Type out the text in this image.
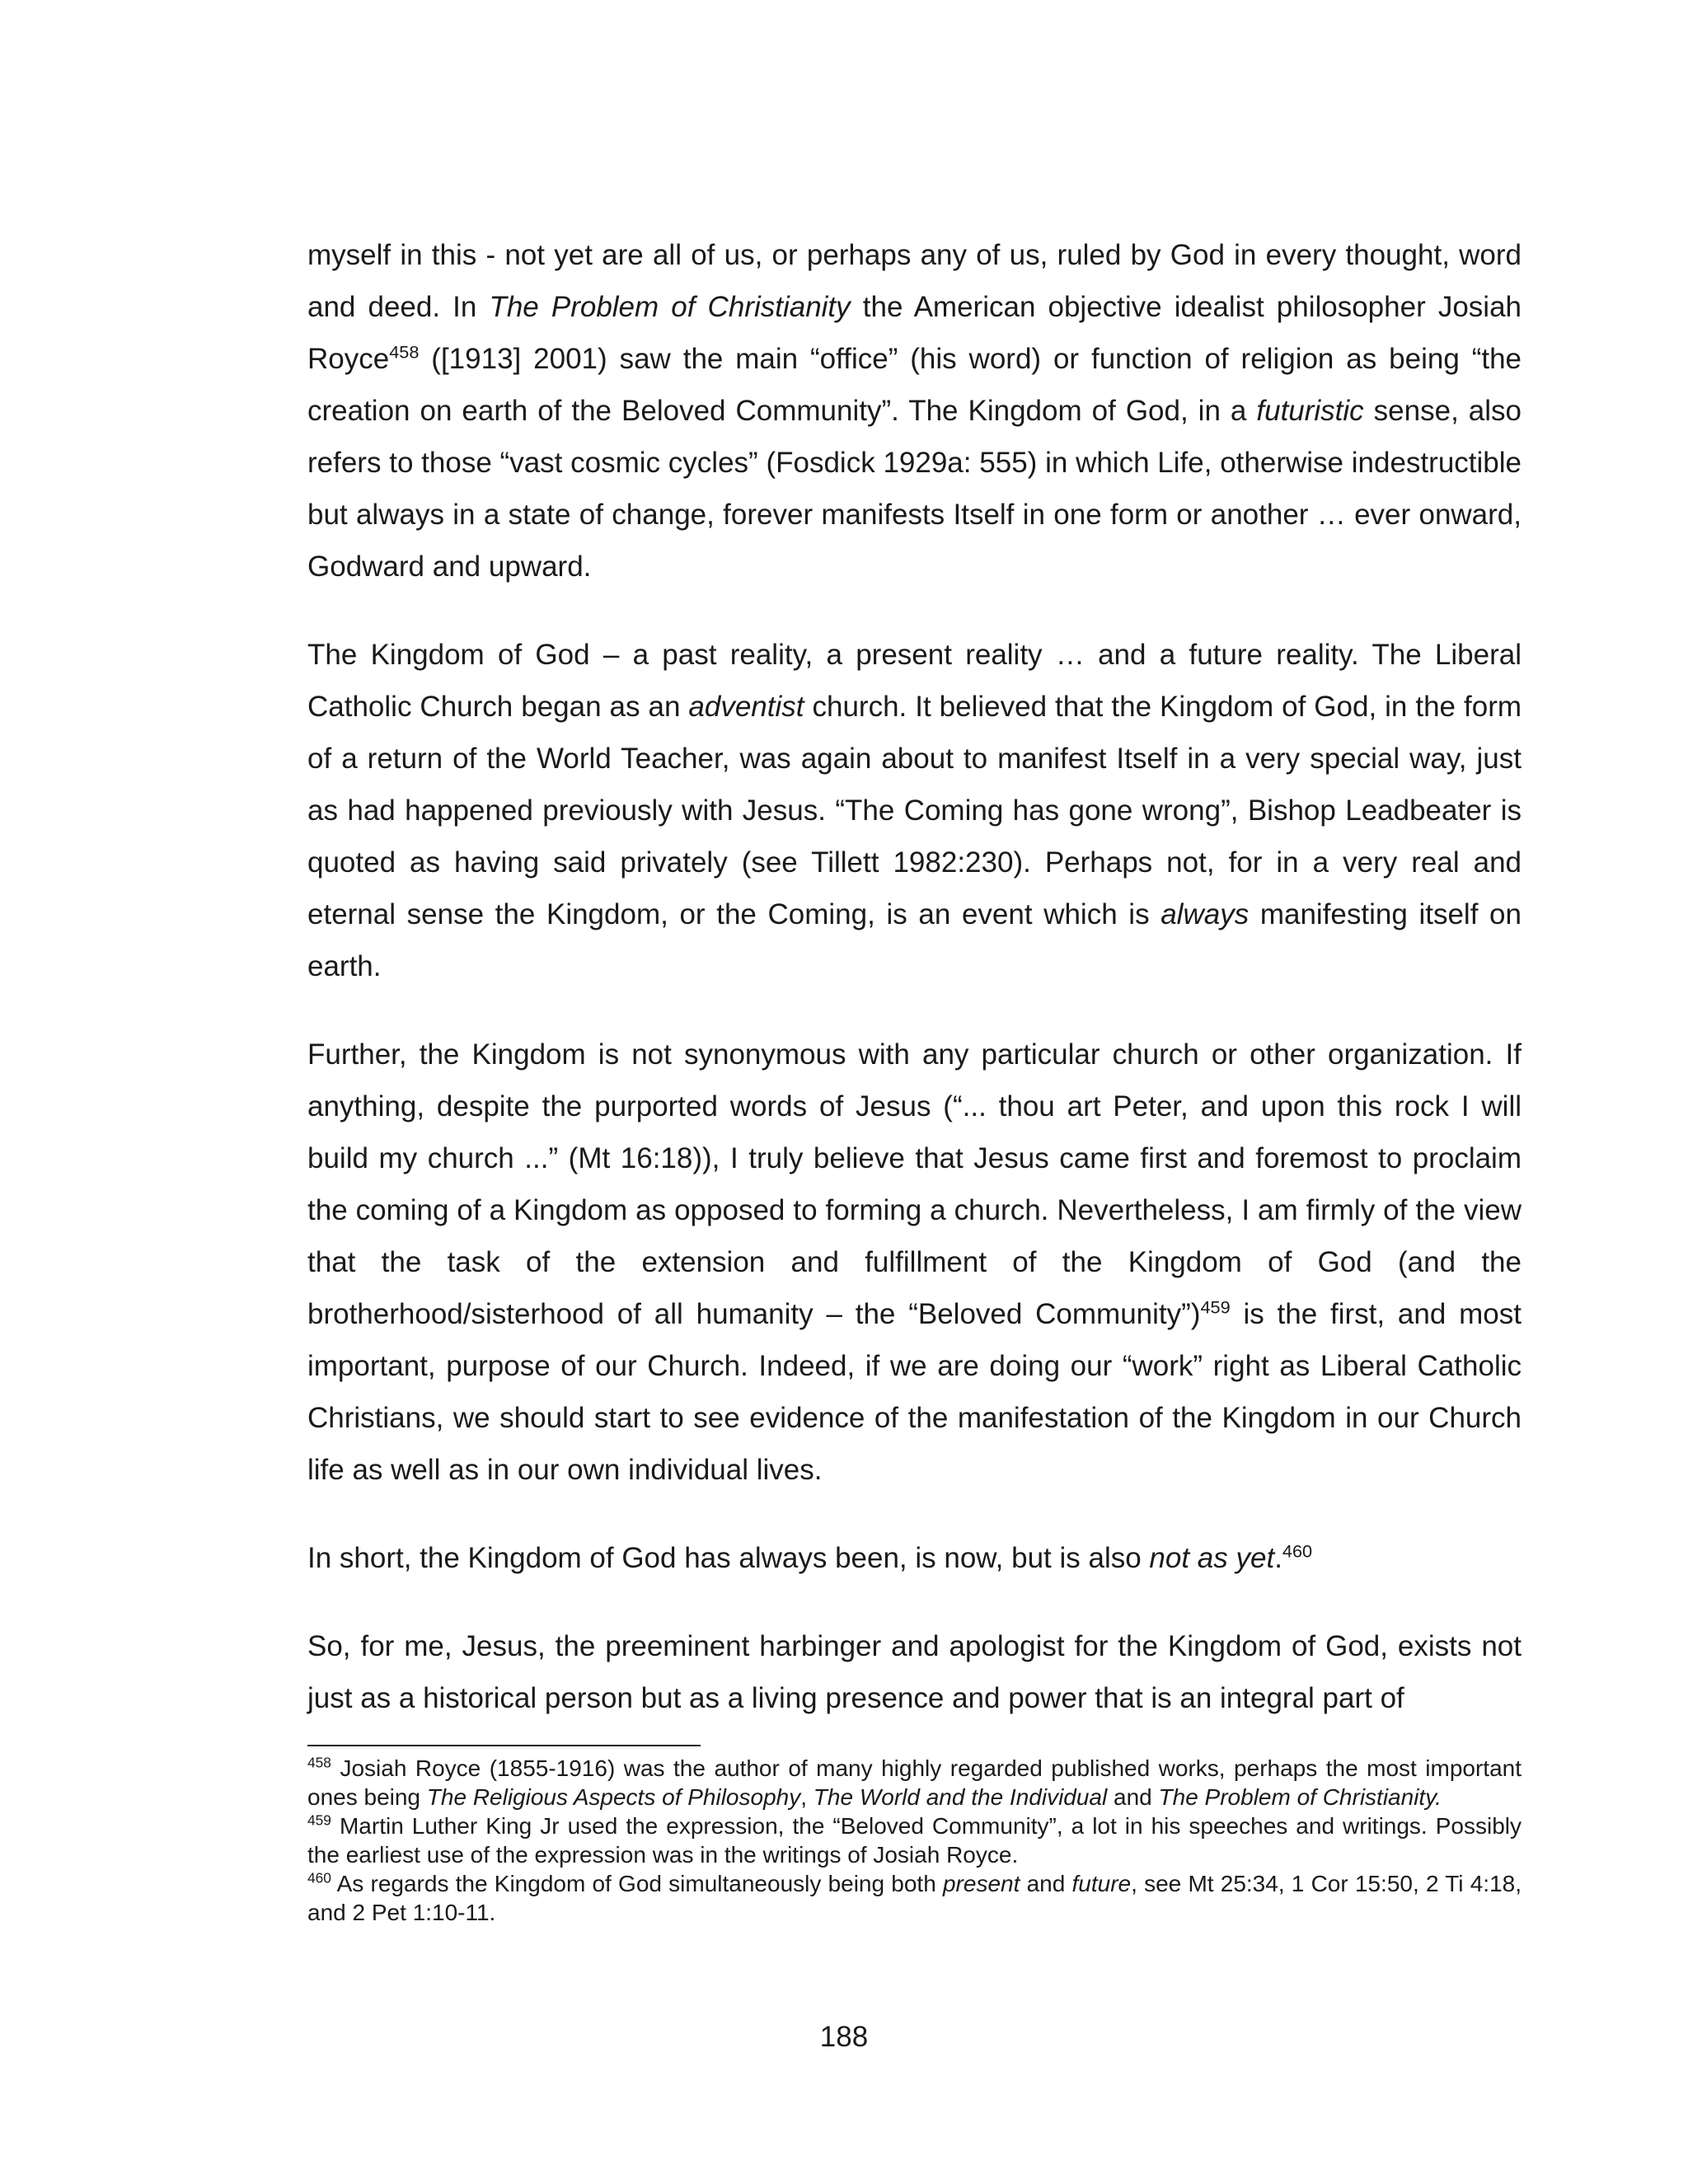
myself in this - not yet are all of us, or perhaps any of us, ruled by God in every thought, word and deed. In The Problem of Christianity the American objective idealist philosopher Josiah Royce$^{458}$ ([1913] 2001) saw the main “office” (his word) or function of religion as being “the creation on earth of the Beloved Community”. The Kingdom of God, in a futuristic sense, also refers to those “vast cosmic cycles” (Fosdick 1929a: 555) in which Life, otherwise indestructible but always in a state of change, forever manifests Itself in one form or another … ever onward, Godward and upward.

The Kingdom of God – a past reality, a present reality … and a future reality. The Liberal Catholic Church began as an adventist church. It believed that the Kingdom of God, in the form of a return of the World Teacher, was again about to manifest Itself in a very special way, just as had happened previously with Jesus. “The Coming has gone wrong”, Bishop Leadbeater is quoted as having said privately (see Tillett 1982:230). Perhaps not, for in a very real and eternal sense the Kingdom, or the Coming, is an event which is always manifesting itself on earth.

Further, the Kingdom is not synonymous with any particular church or other organization. If anything, despite the purported words of Jesus (“... thou art Peter, and upon this rock I will build my church ...” (Mt 16:18)), I truly believe that Jesus came first and foremost to proclaim the coming of a Kingdom as opposed to forming a church. Nevertheless, I am firmly of the view that the task of the extension and fulfillment of the Kingdom of God (and the brotherhood/sisterhood of all humanity – the “Beloved Community”)$^{459}$ is the first, and most important, purpose of our Church. Indeed, if we are doing our “work” right as Liberal Catholic Christians, we should start to see evidence of the manifestation of the Kingdom in our Church life as well as in our own individual lives.

In short, the Kingdom of God has always been, is now, but is also not as yet.$^{460}$

So, for me, Jesus, the preeminent harbinger and apologist for the Kingdom of God, exists not just as a historical person but as a living presence and power that is an integral part of

$^{458}$ Josiah Royce (1855-1916) was the author of many highly regarded published works, perhaps the most important ones being The Religious Aspects of Philosophy, The World and the Individual and The Problem of Christianity.

$^{459}$ Martin Luther King Jr used the expression, the “Beloved Community”, a lot in his speeches and writings. Possibly the earliest use of the expression was in the writings of Josiah Royce.

$^{460}$ As regards the Kingdom of God simultaneously being both present and future, see Mt 25:34, 1 Cor 15:50, 2 Ti 4:18, and 2 Pet 1:10-11.

188
